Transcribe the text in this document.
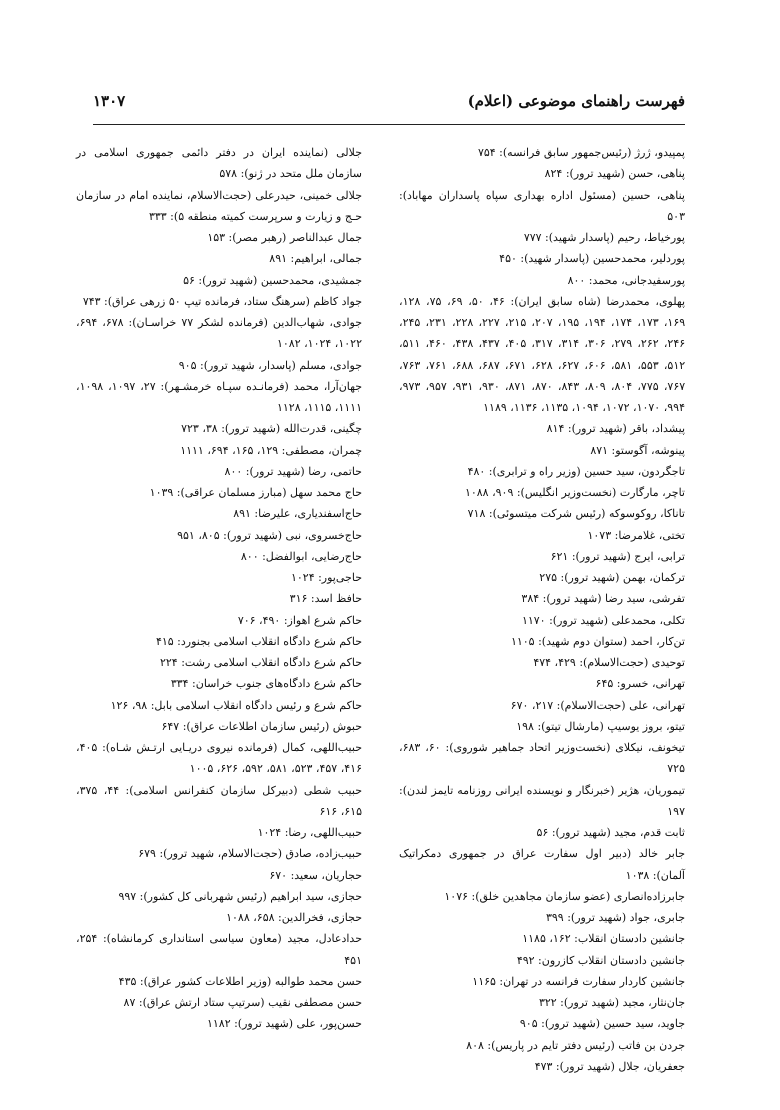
فهرست راهنمای موضوعی (اعلام)
۱۳۰۷

پمپیدو، ژرژ (رئیس‌جمهور سابق فرانسه): ۷۵۴

پناهی، حسن (شهید ترور): ۸۲۴

پناهی، حسین (مسئول اداره بهداری سپاه پاسداران مهاباد): ۵۰۳

پورخیاط، رحیم (پاسدار شهید): ۷۷۷

پوردلیر، محمدحسین (پاسدار شهید): ۴۵۰

پورسفیدجانی، محمد: ۸۰۰

پهلوی، محمدرضا (شاه سابق ایران): ۴۶، ۵۰، ۶۹، ۷۵، ۱۲۸، ۱۶۹، ۱۷۳، ۱۷۴، ۱۹۴، ۱۹۵، ۲۰۷، ۲۱۵، ۲۲۷، ۲۲۸، ۲۳۱، ۲۴۵، ۲۴۶، ۲۶۲، ۲۷۹، ۳۰۶، ۳۱۴، ۳۱۷، ۴۰۵، ۴۳۷، ۴۳۸، ۴۶۰، ۵۱۱، ۵۱۲، ۵۵۳، ۵۸۱، ۶۰۶، ۶۲۷، ۶۲۸، ۶۷۱، ۶۸۷، ۶۸۸، ۷۶۱، ۷۶۳، ۷۶۷، ۷۷۵، ۸۰۴، ۸۰۹، ۸۴۳، ۸۷۰، ۸۷۱، ۹۳۰، ۹۳۱، ۹۵۷، ۹۷۳، ۹۹۴، ۱۰۷۰، ۱۰۷۲، ۱۰۹۴، ۱۱۳۵، ۱۱۳۶، ۱۱۸۹

پیشداد، باقر (شهید ترور): ۸۱۴

پینوشه، آگوستو: ۸۷۱

تاجگردون، سید حسین (وزیر راه و ترابری): ۴۸۰

تاچر، مارگارت (نخست‌وزیر انگلیس): ۹۰۹، ۱۰۸۸

تاناکا، روکوسوکه (رئیس شرکت میتسوئی): ۷۱۸

تختی، غلامرضا: ۱۰۷۳

ترابی، ایرج (شهید ترور): ۶۲۱

ترکمان، بهمن (شهید ترور): ۲۷۵

تفرشی، سید رضا (شهید ترور): ۳۸۴

تکلی، محمدعلی (شهید ترور): ۱۱۷۰

تن‌کار، احمد (ستوان دوم شهید): ۱۱۰۵

توحیدی (حجت‌الاسلام): ۴۲۹، ۴۷۴

تهرانی، خسرو: ۶۴۵

تهرانی، علی (حجت‌الاسلام): ۲۱۷، ۶۷۰

تیتو، بروز یوسیپ (مارشال تیتو): ۱۹۸

تیخونف، نیکلای (نخست‌وزیر اتحاد جماهیر شوروی): ۶۰، ۶۸۳، ۷۲۵

تیموریان، هژیر (خبرنگار و نویسنده ایرانی روزنامه تایمز لندن): ۱۹۷

ثابت قدم، مجید (شهید ترور): ۵۶

جابر خالد (دبیر اول سفارت عراق در جمهوری دمکراتیک آلمان): ۱۰۳۸

جابرزاده‌انصاری (عضو سازمان مجاهدین خلق): ۱۰۷۶

جابری، جواد (شهید ترور): ۳۹۹

جانشین دادستان انقلاب: ۱۶۲، ۱۱۸۵

جانشین دادستان انقلاب کازرون: ۴۹۲

جانشین کاردار سفارت فرانسه در تهران: ۱۱۶۵

جان‌نثار، مجید (شهید ترور): ۳۲۲

جاوید، سید حسین (شهید ترور): ۹۰۵

جردن بن فاتب (رئیس دفتر تایم در پاریس): ۸۰۸

جعفریان، جلال (شهید ترور): ۴۷۳

جلالی (نماینده ایران در دفتر دائمی جمهوری اسلامی در سازمان ملل متحد در ژنو): ۵۷۸

جلالی خمینی، حیدرعلی (حجت‌الاسلام، نماینده امام در سازمان حـج و زیارت و سرپرست کمیته منطقه ۵): ۳۳۳

جمال عبدالناصر (رهبر مصر): ۱۵۳

جمالی، ابراهیم: ۸۹۱

جمشیدی، محمدحسین (شهید ترور): ۵۶

جواد کاظم (سرهنگ ستاد، فرمانده تیپ ۵۰ زرهی عراق): ۷۴۳

جوادی، شهاب‌الدین (فرمانده لشکر ۷۷ خراسـان): ۶۷۸، ۶۹۴، ۱۰۲۲، ۱۰۲۴، ۱۰۸۲

جوادی، مسلم (پاسدار، شهید ترور): ۹۰۵

جهان‌آرا، محمد (فرمانـده سپـاه خرمشـهر): ۲۷، ۱۰۹۷، ۱۰۹۸، ۱۱۱۱، ۱۱۱۵، ۱۱۲۸

چگینی، قدرت‌الله (شهید ترور): ۳۸، ۷۲۳

چمران، مصطفی: ۱۲۹، ۱۶۵، ۶۹۴، ۱۱۱۱

حاتمی، رضا (شهید ترور): ۸۰۰

حاج محمد سهل (مبارز مسلمان عراقی): ۱۰۳۹

حاج‌اسفندیاری، علیرضا: ۸۹۱

حاج‌خسروی، نبی (شهید ترور): ۸۰۵، ۹۵۱

حاج‌رضایی، ابوالفضل: ۸۰۰

حاجی‌پور: ۱۰۲۴

حافظ اسد: ۳۱۶

حاکم شرع اهواز: ۴۹۰، ۷۰۶

حاکم شرع دادگاه انقلاب اسلامی بجنورد: ۴۱۵

حاکم شرع دادگاه انقلاب اسلامی رشت: ۲۲۴

حاکم شرع دادگاه‌های جنوب خراسان: ۳۳۴

حاکم شرع و رئیس دادگاه انقلاب اسلامی بابل: ۹۸، ۱۲۶

حبوش (رئیس سازمان اطلاعات عراق): ۶۴۷

حبیب‌اللهی، کمال (فرمانده نیروی دریـایی ارتـش شـاه): ۴۰۵، ۴۱۶، ۴۵۷، ۵۲۳، ۵۸۱، ۵۹۲، ۶۲۶، ۱۰۰۵

حبیب شطی (دبیرکل سازمان کنفرانس اسلامی): ۴۴، ۳۷۵، ۶۱۵، ۶۱۶

حبیب‌اللهی، رضا: ۱۰۲۴

حبیب‌زاده، صادق (حجت‌الاسلام، شهید ترور): ۶۷۹

حجاریان، سعید: ۶۷۰

حجازی، سید ابراهیم (رئیس شهربانی کل کشور): ۹۹۷

حجازی، فخرالدین: ۶۵۸، ۱۰۸۸

حدادعادل، مجید (معاون سیاسی استانداری کرمانشاه): ۲۵۴، ۴۵۱

حسن محمد طوالبه (وزیر اطلاعات کشور عراق): ۴۳۵

حسن مصطفی نقیب (سرتیپ ستاد ارتش عراق): ۸۷

حسن‌پور، علی (شهید ترور): ۱۱۸۲
